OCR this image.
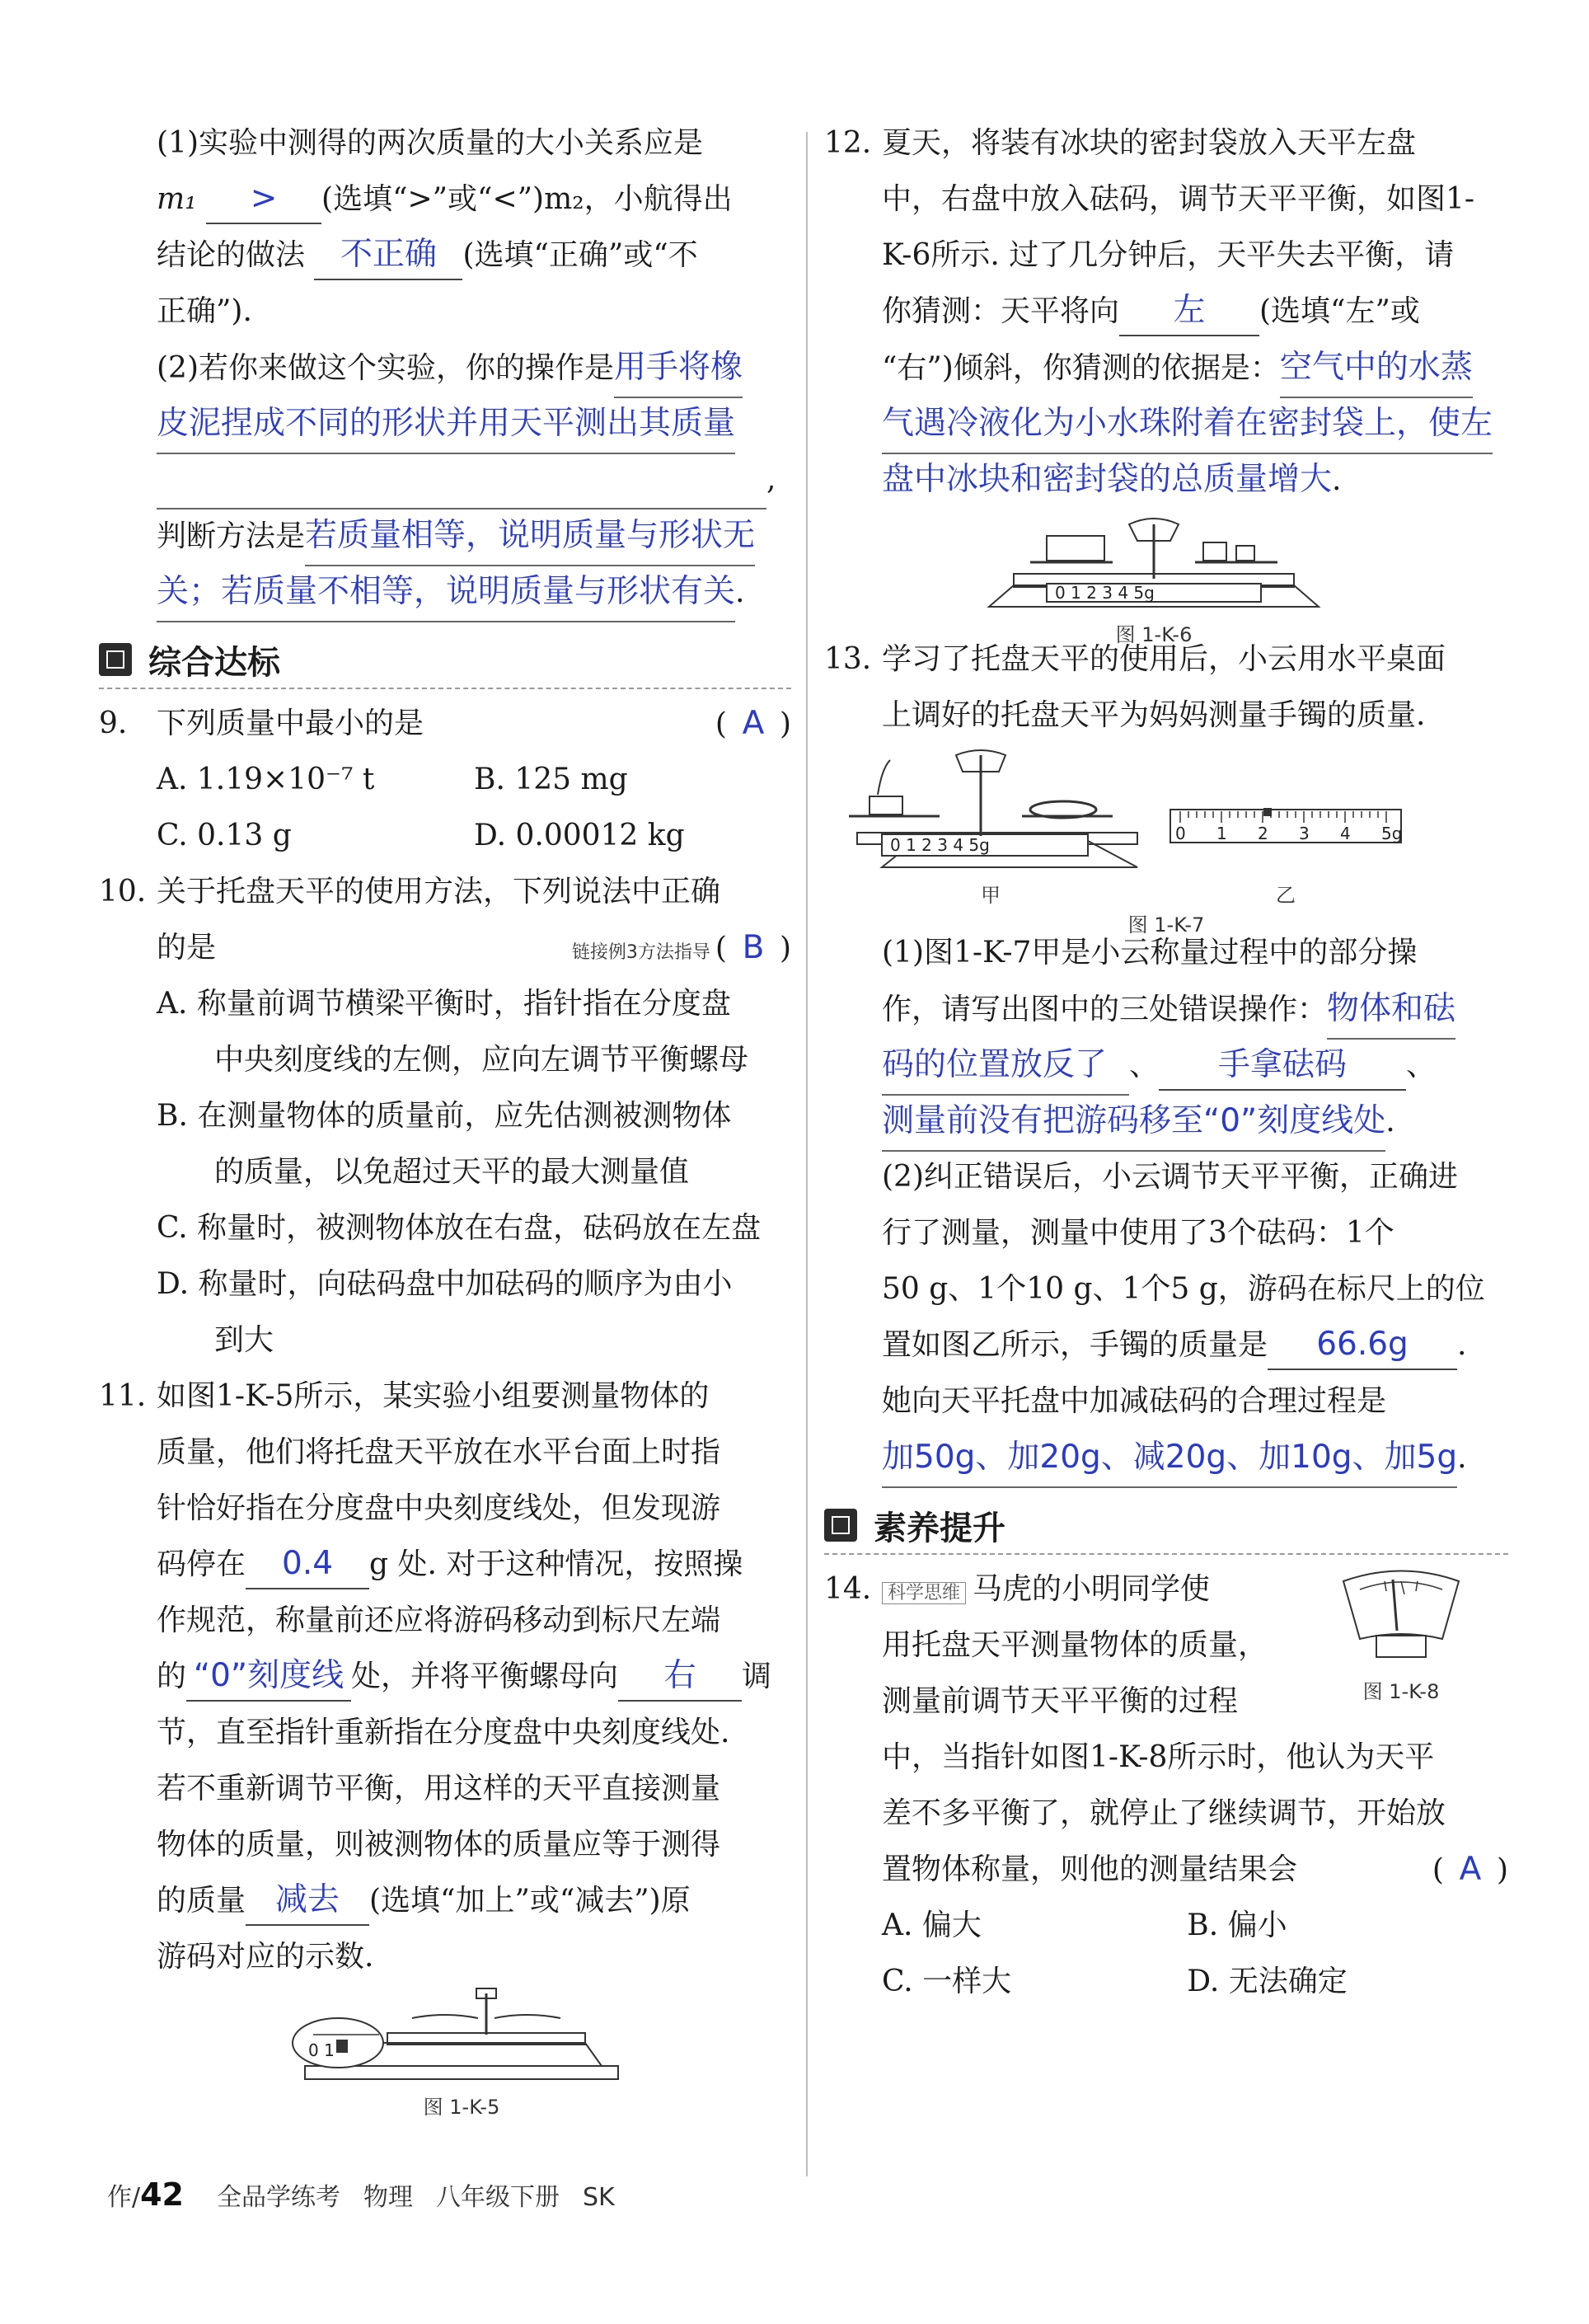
(1)实验中测得的两次质量的大小关系应是
m₁ > (选填“>”或“<”)m₂，小航得出
结论的做法 不正确 (选填“正确”或“不
正确”).
(2)若你来做这个实验，你的操作是用手将橡
皮泥捏成不同的形状并用天平测出其质量
,
判断方法是若质量相等，说明质量与形状无
关；若质量不相等，说明质量与形状有关.
综合达标
9. 下列质量中最小的是	( A )
A. 1.19×10⁻⁷ t	B. 125 mg
C. 0.13 g	D. 0.00012 kg
10. 关于托盘天平的使用方法，下列说法中正确
的是	链接例3方法指导 ( B )
A. 称量前调节横梁平衡时，指针指在分度盘
中央刻度线的左侧，应向左调节平衡螺母
B. 在测量物体的质量前，应先估测被测物体
的质量，以免超过天平的最大测量值
C. 称量时，被测物体放在右盘，砝码放在左盘
D. 称量时，向砝码盘中加砝码的顺序为由小
到大
11. 如图1-K-5所示，某实验小组要测量物体的
质量，他们将托盘天平放在水平台面上时指
针恰好指在分度盘中央刻度线处，但发现游
码停在 0.4 g 处. 对于这种情况，按照操
作规范，称量前还应将游码移动到标尺左端
的 “0”刻度线 处，并将平衡螺母向 右 调
节，直至指针重新指在分度盘中央刻度线处.
若不重新调节平衡，用这样的天平直接测量
物体的质量，则被测物体的质量应等于测得
的质量 减去 (选填“加上”或“减去”)原
游码对应的示数.
0 1
图 1-K-5
12. 夏天，将装有冰块的密封袋放入天平左盘
中，右盘中放入砝码，调节天平平衡，如图1-
K-6所示. 过了几分钟后，天平失去平衡，请
你猜测：天平将向 左 (选填“左”或
“右”)倾斜，你猜测的依据是：空气中的水蒸
气遇冷液化为小水珠附着在密封袋上，使左
盘中冰块和密封袋的总质量增大.
0 1 2 3 4 5g
图 1-K-6
13. 学习了托盘天平的使用后，小云用水平桌面
上调好的托盘天平为妈妈测量手镯的质量.
0 1 2 3 4 5g
0 1 2 3 4 5g
甲	乙
图 1-K-7
(1)图1-K-7甲是小云称量过程中的部分操
作，请写出图中的三处错误操作：物体和砝
码的位置放反了 、 手拿砝码 、
测量前没有把游码移至“0”刻度线处.
(2)纠正错误后，小云调节天平平衡，正确进
行了测量，测量中使用了3个砝码：1个
50 g、1个10 g、1个5 g，游码在标尺上的位
置如图乙所示，手镯的质量是 66.6g .
她向天平托盘中加减砝码的合理过程是
加50g、加20g、减20g、加10g、加5g.
素养提升
14. 科学思维 马虎的小明同学使
用托盘天平测量物体的质量，
测量前调节天平平衡的过程	图 1-K-8
中，当指针如图1-K-8所示时，他认为天平
差不多平衡了，就停止了继续调节，开始放
置物体称量，则他的测量结果会	( A )
A. 偏大	B. 偏小
C. 一样大	D. 无法确定
作/42 全品学练考 物理 八年级下册 SK
